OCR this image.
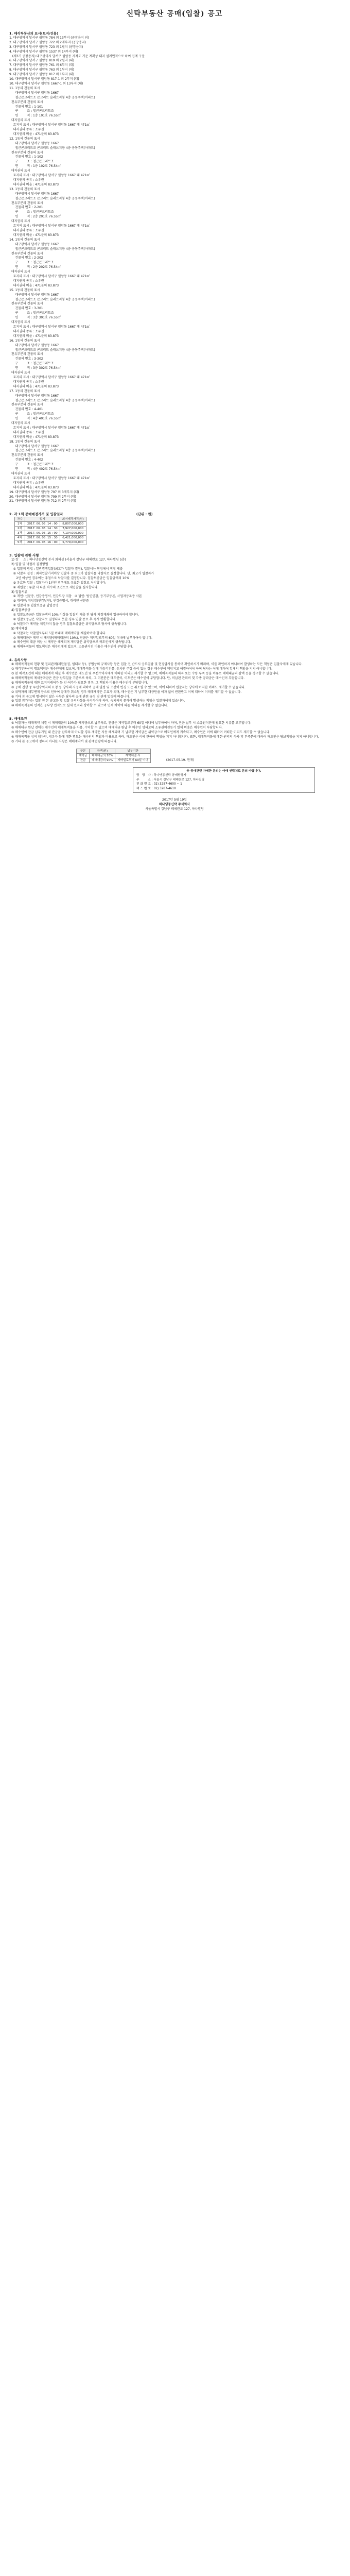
신탁부동산 공매(입찰) 공고
1. 매각부동산의 표시(토지/건물)
1. 대구광역시 달서구 월암동 784 외 13부지 (공장용지 외)
2. 대구광역시 달서구 월암동 722 외 2개부지 (공장용지)
3. 대구광역시 달서구 월암동 723 외 1필지 (공장용지)
4. 대구광역시 달서구 월암동 1537 외 14부지 (대)
(제3기 공장용지) 대구광역시 달서구 월암동 지적도 기준 계획상 대지 설계면적으로 하여 집계 구분
6. 대구광역시 달서구 월암동 819 외 2필지 (대)
7. 대구광역시 달서구 월암동 761 외 6부지 (대)
8. 대구광역시 달서구 월암동 763 외 1부지 (대)
9. 대구광역시 달서구 월암동 817 외 1부지 (대)
10. 대구광역시 달서구 월암동 817-1 외 2부지 (대)
10. 대구광역시 달서구 월암동 1667-1 외 13부지 (대)
11. 1동의 건물의 표시
대구광역시 달서구 월암동 1667
철근콘크리트조 콘크리트 슬래브지붕 4층 공동주택(아파트)
전유부분의 건물의 표시
건물의 번호 : 1-101
구         조 : 철근콘크리트조
면         적 : 1층 101호 76.55㎡
대지권의 표시
토지의 표시 : 대구광역시 달서구 월암동 1667 대 471㎡
대지권의 종류 : 소유권
대지권의 비율 : 471분의 83.873
12. 1동의 건물의 표시
대구광역시 달서구 월암동 1667
철근콘크리트조 콘크리트 슬래브지붕 4층 공동주택(아파트)
전유부분의 건물의 표시
건물의 번호 : 1-102
구         조 : 철근콘크리트조
면         적 : 1층 102호 76.54㎡
대지권의 표시
토지의 표시 : 대구광역시 달서구 월암동 1667 대 471㎡
대지권의 종류 : 소유권
대지권의 비율 : 471분의 83.873
13. 1동의 건물의 표시
대구광역시 달서구 월암동 1667
철근콘크리트조 콘크리트 슬래브지붕 4층 공동주택(아파트)
전유부분의 건물의 표시
건물의 번호 : 2-201
구         조 : 철근콘크리트조
면         적 : 2층 201호 76.55㎡
대지권의 표시
토지의 표시 : 대구광역시 달서구 월암동 1667 대 471㎡
대지권의 종류 : 소유권
대지권의 비율 : 471분의 83.873
14. 1동의 건물의 표시
대구광역시 달서구 월암동 1667
철근콘크리트조 콘크리트 슬래브지붕 4층 공동주택(아파트)
전유부분의 건물의 표시
건물의 번호 : 2-202
구         조 : 철근콘크리트조
면         적 : 2층 202호 76.54㎡
대지권의 표시
토지의 표시 : 대구광역시 달서구 월암동 1667 대 471㎡
대지권의 종류 : 소유권
대지권의 비율 : 471분의 83.873
15. 1동의 건물의 표시
대구광역시 달서구 월암동 1667
철근콘크리트조 콘크리트 슬래브지붕 4층 공동주택(아파트)
전유부분의 건물의 표시
건물의 번호 : 3-301
구         조 : 철근콘크리트조
면         적 : 3층 301호 76.55㎡
대지권의 표시
토지의 표시 : 대구광역시 달서구 월암동 1667 대 471㎡
대지권의 종류 : 소유권
대지권의 비율 : 471분의 83.873
16. 1동의 건물의 표시
대구광역시 달서구 월암동 1667
철근콘크리트조 콘크리트 슬래브지붕 4층 공동주택(아파트)
전유부분의 건물의 표시
건물의 번호 : 3-302
구         조 : 철근콘크리트조
면         적 : 3층 302호 76.54㎡
대지권의 표시
토지의 표시 : 대구광역시 달서구 월암동 1667 대 471㎡
대지권의 종류 : 소유권
대지권의 비율 : 471분의 83.873
17. 1동의 건물의 표시
대구광역시 달서구 월암동 1667
철근콘크리트조 콘크리트 슬래브지붕 4층 공동주택(아파트)
전유부분의 건물의 표시
건물의 번호 : 4-401
구         조 : 철근콘크리트조
면         적 : 4층 401호 76.55㎡
대지권의 표시
토지의 표시 : 대구광역시 달서구 월암동 1667 대 471㎡
대지권의 종류 : 소유권
대지권의 비율 : 471분의 83.873
18. 1동의 건물의 표시
대구광역시 달서구 월암동 1667
철근콘크리트조 콘크리트 슬래브지붕 4층 공동주택(아파트)
전유부분의 건물의 표시
건물의 번호 : 4-402
구         조 : 철근콘크리트조
면         적 : 4층 402호 76.54㎡
대지권의 표시
토지의 표시 : 대구광역시 달서구 월암동 1667 대 471㎡
대지권의 종류 : 소유권
대지권의 비율 : 471분의 83.873
19. 대구광역시 달서구 월암동 797 외 3개부지 (대)
20. 대구광역시 달서구 월암동 799 외 2부지 (대)
21. 대구광역시 달서구 월암동 712 외 2부지 (대)
2. 각 1회 공매예정가격 및 입찰일자	(단위 : 원)
차수	일시	최저매각가격(원)
1차	2017. 06. 05. 14 : 00	8,807,000,000
2차	2017. 06. 05. 14 : 30	7,927,000,000
3차	2017. 06. 05. 15 : 00	7,134,000,000
4차	2017. 06. 05. 15 : 30	6,421,000,000
5차	2017. 06. 05. 16 : 00	5,779,000,000
3. 입찰에 관한 사항
1) 장     소 : 하나냉동신탁 본사 회의실 (서울시 강남구 테헤란로 127, 하나빌딩 5층)
2) 입찰 및 낙찰자 결정방법
① 입찰의 방법 : 일반경쟁입찰(최고가 입찰자 결정), 입찰서는 현장에서 직접 제출
② 낙찰자 결정 : 최저입찰가격이상 입찰자 중 최고가 입찰자를 낙찰자로 결정합니다. 단, 최고가 입찰자가
2인 이상인 경우에는 추첨으로 낙찰자를 결정합니다. 입찰보증금은 입찰금액의 10%
③ 유효한 입찰 : 입찰자가 1인인 경우에도 유효한 입찰로 처리합니다.
④ 재입찰 : 유찰 시 다음 차수의 조건으로 재입찰을 실시합니다.
3) 입찰서류
① 개인: 신분증, 인감증명서, 인감도장 지참   ② 법인: 법인인감, 등기부등본, 사업자등록증 사본
③ 대리인: 위임장(인감날인), 인감증명서, 대리인 신분증
④ 입찰서 ⑤ 입찰보증금 납입증명
4) 입찰보증금
① 입찰보증금은 입찰금액의 10% 이상을 입찰서 제출 전 당사 지정계좌에 입금하여야 합니다.
② 입찰보증금은 낙찰자로 결정되지 못한 경우 입찰 종료 후 즉시 반환합니다.
③ 낙찰자가 계약을 체결하지 않을 경우 입찰보증금은 위약금으로 당사에 귀속됩니다.
5) 계약체결
① 낙찰자는 낙찰일로부터 5일 이내에 매매계약을 체결하여야 합니다.
② 매매대금은 계약 시 계약금(매매대금의 10%), 잔금은 계약일로부터 60일 이내에 납부하여야 합니다.
③ 매수인의 대금 미납 시 계약은 해제되며 계약금은 위약금으로 매도인에게 귀속됩니다.
④ 매매목적물의 명도책임은 매수인에게 있으며, 소유권이전 비용은 매수인이 부담합니다.
4. 유의사항
① 매매목적물의 현황 및 권리관계(제한물권, 임대차 등), 공법상의 규제사항 등은 입찰 전 반드시 공부열람 및 현장답사를 통하여 확인하시기 바라며, 이를 확인하지 아니하여 발생하는 모든 책임은 입찰자에게 있습니다.
② 매각부동산의 명도책임은 매수인에게 있으며, 매매목적물 상에 미등기건물, 유치권 주장 등이 있는 경우 매수인이 책임지고 해결하여야 하며 당사는 이에 대하여 일체의 책임을 지지 아니합니다.
③ 본 매각조건에 의한 매매계약 체결 후 매수인은 매도인 및 우선수익자에게 어떠한 이의도 제기할 수 없으며, 매매목적물의 하자 또는 수량 부족 등을 이유로 매매대금의 감액 등을 청구할 수 없습니다.
④ 매매목적물의 제세공과금은 잔금 납부일을 기준으로 하되, 그 이전분은 매도인이, 이후분은 매수인이 부담합니다. 단, 미납된 관리비 및 각종 공과금은 매수인이 부담합니다.
⑤ 매매목적물에 대한 토지거래허가 등 인·허가가 필요한 경우, 그 책임과 비용은 매수인이 부담합니다.
⑥ 공매 진행 중 우선수익자의 요청 등 당사의 사정에 의하여 공매 일정 및 조건이 변경 또는 취소될 수 있으며, 이에 대하여 입찰자는 당사에 어떠한 이의도 제기할 수 없습니다.
⑦ 위탁자의 채무변제 등으로 인하여 공매가 취소될 경우 매매계약은 무효가 되며, 매수인은 기 납부한 대금만을 이자 없이 반환받고 이에 대하여 이의를 제기할 수 없습니다.
⑧ 기타 본 공고에 명시되지 않은 사항은 당사의 공매 관련 규정 및 관계 법령에 따릅니다.
⑨ 입찰 참가자는 입찰 전 본 공고문 및 입찰 유의사항을 숙지하여야 하며, 숙지하지 못하여 발생하는 책임은 입찰자에게 있습니다.
⑩ 매매목적물의 면적은 공부상 면적으로 실제 면적과 상이할 수 있으며 면적 차이에 따른 이의를 제기할 수 없습니다.
5. 매매조건
① 낙찰자는 매매계약 체결 시 매매대금의 10%를 계약금으로 납부하고, 잔금은 계약일로부터 60일 이내에 납부하여야 하며, 잔금 납부 시 소유권이전에 필요한 서류를 교부합니다.
② 매매대금 완납 전에는 매수인이 매매목적물을 사용, 수익할 수 없으며 매매대금 완납 후 매수인 명의로의 소유권이전등기 일체 비용은 매수인이 부담합니다.
③ 매수인이 잔금 납부기일 내 잔금을 납부하지 아니할 경우 계약은 자동 해제되며 기 납부한 계약금은 위약금으로 매도인에게 귀속되고, 매수인은 이에 대하여 어떠한 이의도 제기할 수 없습니다.
④ 매매목적물 상의 임차인, 점유자 등에 대한 명도는 매수인의 책임과 비용으로 하며, 매도인은 이에 관하여 책임을 지지 아니합니다. 또한, 매매목적물에 대한 권리의 하자 및 부족분에 대하여 매도인은 담보책임을 지지 아니합니다.
⑤ 기타 본 공고에서 정하지 아니한 사항은 매매계약서 및 관계법령에 따릅니다.
구분	금액(원)	납부기한
계약금	매매대금의 10%	계약체결 시
잔금	매매대금의 90%	계약일로부터 60일 이내	(2017.05.19. 현재)
※ 공매관련 자세한 문의는 아래 연락처로 문의 바랍니다.
담   당   자 : 하나냉동신탁 공매담당자
주         소 : 서울시 강남구 테헤란로 127, 하나빌딩
전 화 번 호 : 02) 3287-4600 ~ 1
팩 스 번 호 : 02) 3287-4610
2017년 5월 19일
하나냉동신탁 주식회사
서울특별시 강남구 테헤란로 127, 하나빌딩
